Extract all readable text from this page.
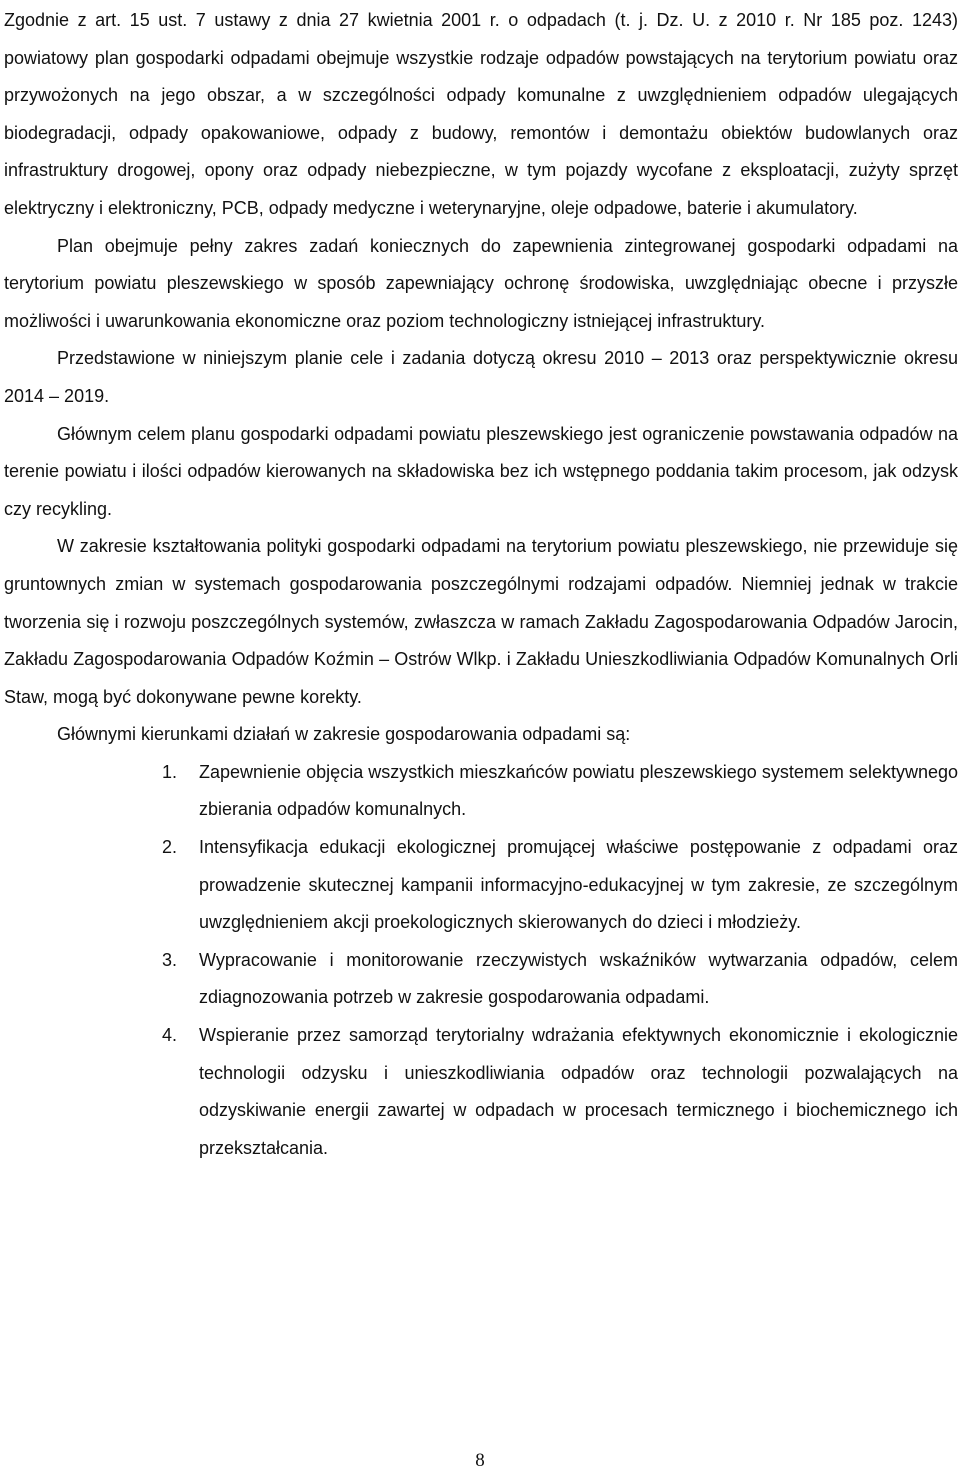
Zgodnie z art. 15 ust. 7 ustawy z dnia 27 kwietnia 2001 r. o odpadach (t. j. Dz. U. z 2010 r. Nr 185 poz. 1243) powiatowy plan gospodarki odpadami obejmuje wszystkie rodzaje odpadów powstających na terytorium powiatu oraz przywożonych na jego obszar, a w szczególności odpady komunalne z uwzględnieniem odpadów ulegających biodegradacji, odpady opakowaniowe, odpady z budowy, remontów i demontażu obiektów budowlanych oraz infrastruktury drogowej, opony oraz odpady niebezpieczne, w tym pojazdy wycofane z eksploatacji, zużyty sprzęt elektryczny i elektroniczny, PCB, odpady medyczne i weterynaryjne, oleje odpadowe, baterie i akumulatory.

Plan obejmuje pełny zakres zadań koniecznych do zapewnienia zintegrowanej gospodarki odpadami na terytorium powiatu pleszewskiego w sposób zapewniający ochronę środowiska, uwzględniając obecne i przyszłe możliwości i uwarunkowania ekonomiczne oraz poziom technologiczny istniejącej infrastruktury.

Przedstawione w niniejszym planie cele i zadania dotyczą okresu 2010 – 2013 oraz perspektywicznie okresu 2014 – 2019.

Głównym celem planu gospodarki odpadami powiatu pleszewskiego jest ograniczenie powstawania odpadów na terenie powiatu i ilości odpadów kierowanych na składowiska bez ich wstępnego poddania takim procesom, jak odzysk czy recykling.

W zakresie kształtowania polityki gospodarki odpadami na terytorium powiatu pleszewskiego, nie przewiduje się gruntownych zmian w systemach gospodarowania poszczególnymi rodzajami odpadów. Niemniej jednak w trakcie tworzenia się i rozwoju poszczególnych systemów, zwłaszcza w ramach Zakładu Zagospodarowania Odpadów Jarocin, Zakładu Zagospodarowania Odpadów Koźmin – Ostrów Wlkp. i Zakładu Unieszkodliwiania Odpadów Komunalnych Orli Staw, mogą być dokonywane pewne korekty.

Głównymi kierunkami działań w zakresie gospodarowania odpadami są:

1. Zapewnienie objęcia wszystkich mieszkańców powiatu pleszewskiego systemem selektywnego zbierania odpadów komunalnych.
2. Intensyfikacja edukacji ekologicznej promującej właściwe postępowanie z odpadami oraz prowadzenie skutecznej kampanii informacyjno-edukacyjnej w tym zakresie, ze szczególnym uwzględnieniem akcji proekologicznych skierowanych do dzieci i młodzieży.
3. Wypracowanie i monitorowanie rzeczywistych wskaźników wytwarzania odpadów, celem zdiagnozowania potrzeb w zakresie gospodarowania odpadami.
4. Wspieranie przez samorząd terytorialny wdrażania efektywnych ekonomicznie i ekologicznie technologii odzysku i unieszkodliwiania odpadów oraz technologii pozwalających na odzyskiwanie energii zawartej w odpadach w procesach termicznego i biochemicznego ich przekształcania.
8
